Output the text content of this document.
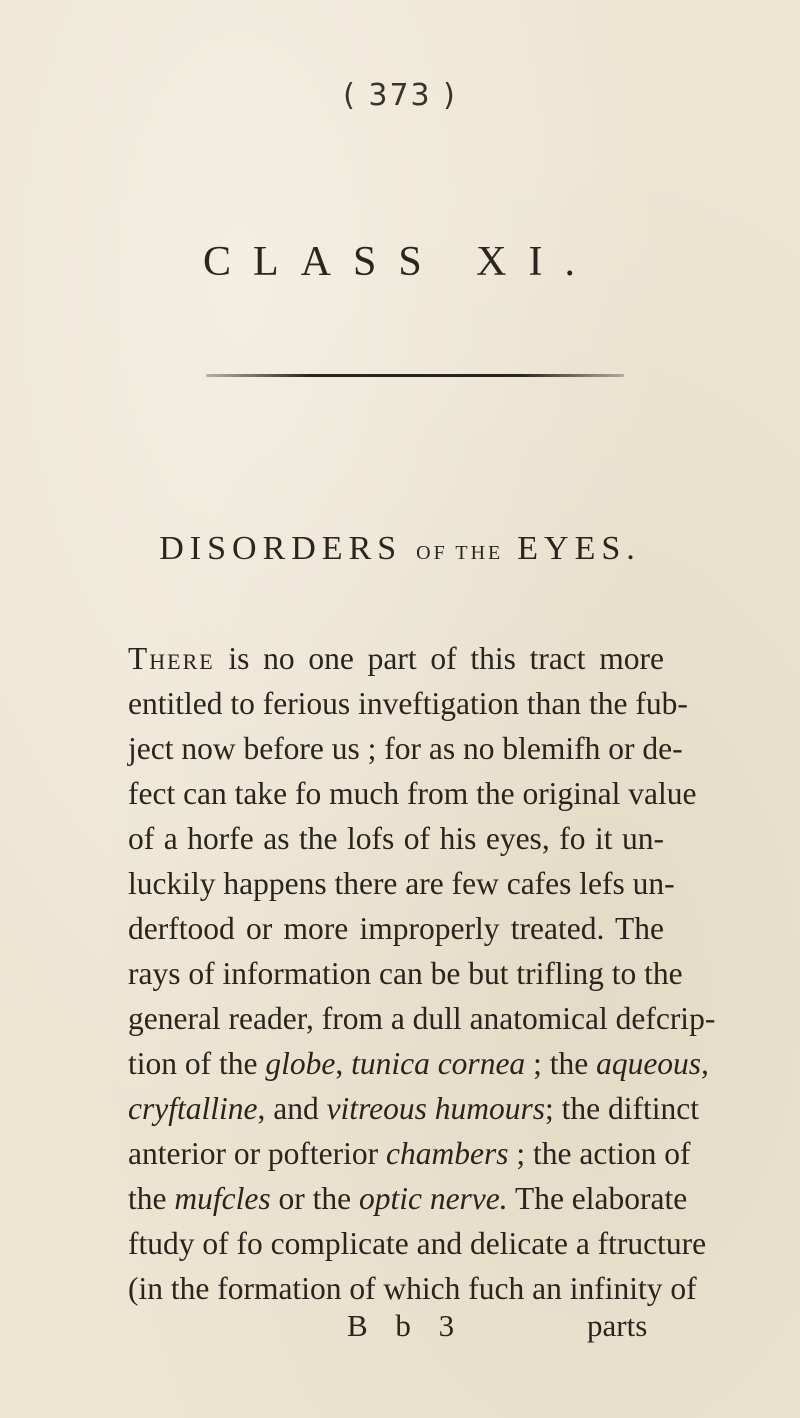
( 373 )
CLASS XI.
DISORDERS OF THE EYES.
There is no one part of this tract more
entitled to ferious inveftigation than the fub-
ject now before us ; for as no blemifh or de-
fect can take fo much from the original value
of a horfe as the lofs of his eyes, fo it un-
luckily happens there are few cafes lefs un-
derftood or more improperly treated. The
rays of information can be but trifling to the
general reader, from a dull anatomical defcrip-
tion of the globe, tunica cornea ; the aqueous,
cryftalline, and vitreous humours; the diftinct
anterior or pofterior chambers ; the action of
the mufcles or the optic nerve. The elaborate
ftudy of fo complicate and delicate a ftructure
(in the formation of which fuch an infinity of
B b 3	parts
